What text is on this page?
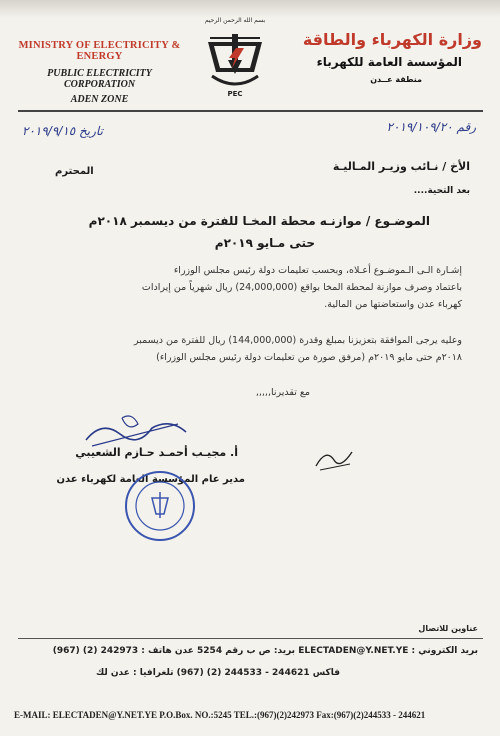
MINISTRY OF ELECTRICITY & ENERGY
PUBLIC ELECTRICITY CORPORATION
ADEN ZONE
بسم الله الرحمن الرحيم
PEC
وزارة الكهرباء والطاقة
المؤسسة العامة للكهرباء
منطقة عــدن
تاريخ ٢٠١٩/٩/١٥	رقم ٢٠١٩/١٠٩/٢٠
الأخ / نـائب وزيـر المـاليـة
المحترم
بعد التحية....
الموضـوع / موازنـه محطة المخـا للفترة من ديسمبر ٢٠١٨م
حتى مـايو ٢٠١٩م
إشـارة الـى الـموضـوع أعـلاه، وبحسب تعليمات دولة رئيس مجلس الوزراء
باعتماد وصرف موازنة لمحطة المخا بواقع (24,000,000) ريال شهرياً من إيرادات
كهرباء عدن واستعاضتها من المالية.
وعليه يرجى الموافقة بتعزيزنا بمبلغ وقدرة (144,000,000) ريال للفترة من ديسمبر
٢٠١٨م حتى مايو ٢٠١٩م (مرفق صورة من تعليمات دولة رئيس مجلس الوزراء)
مع تقديرنا,,,,,
أ. مجيـب أحمـد حـازم الشعيبي
مدير عام المؤسسة العامة لكهرباء عدن
عناوين للاتصال
بريد الكتروني : ELECTADEN@Y.NET.YE بريد: ص ب رقم 5254 عدن هاتف : 242973 (2) (967)
فاكس 244621 - 244533 (2) (967) تلغرافيا : عدن لك
E-MAIL: ELECTADEN@Y.NET.YE P.O.Box. NO.:5245 TEL.:(967)(2)242973 Fax:(967)(2)244533 - 244621
